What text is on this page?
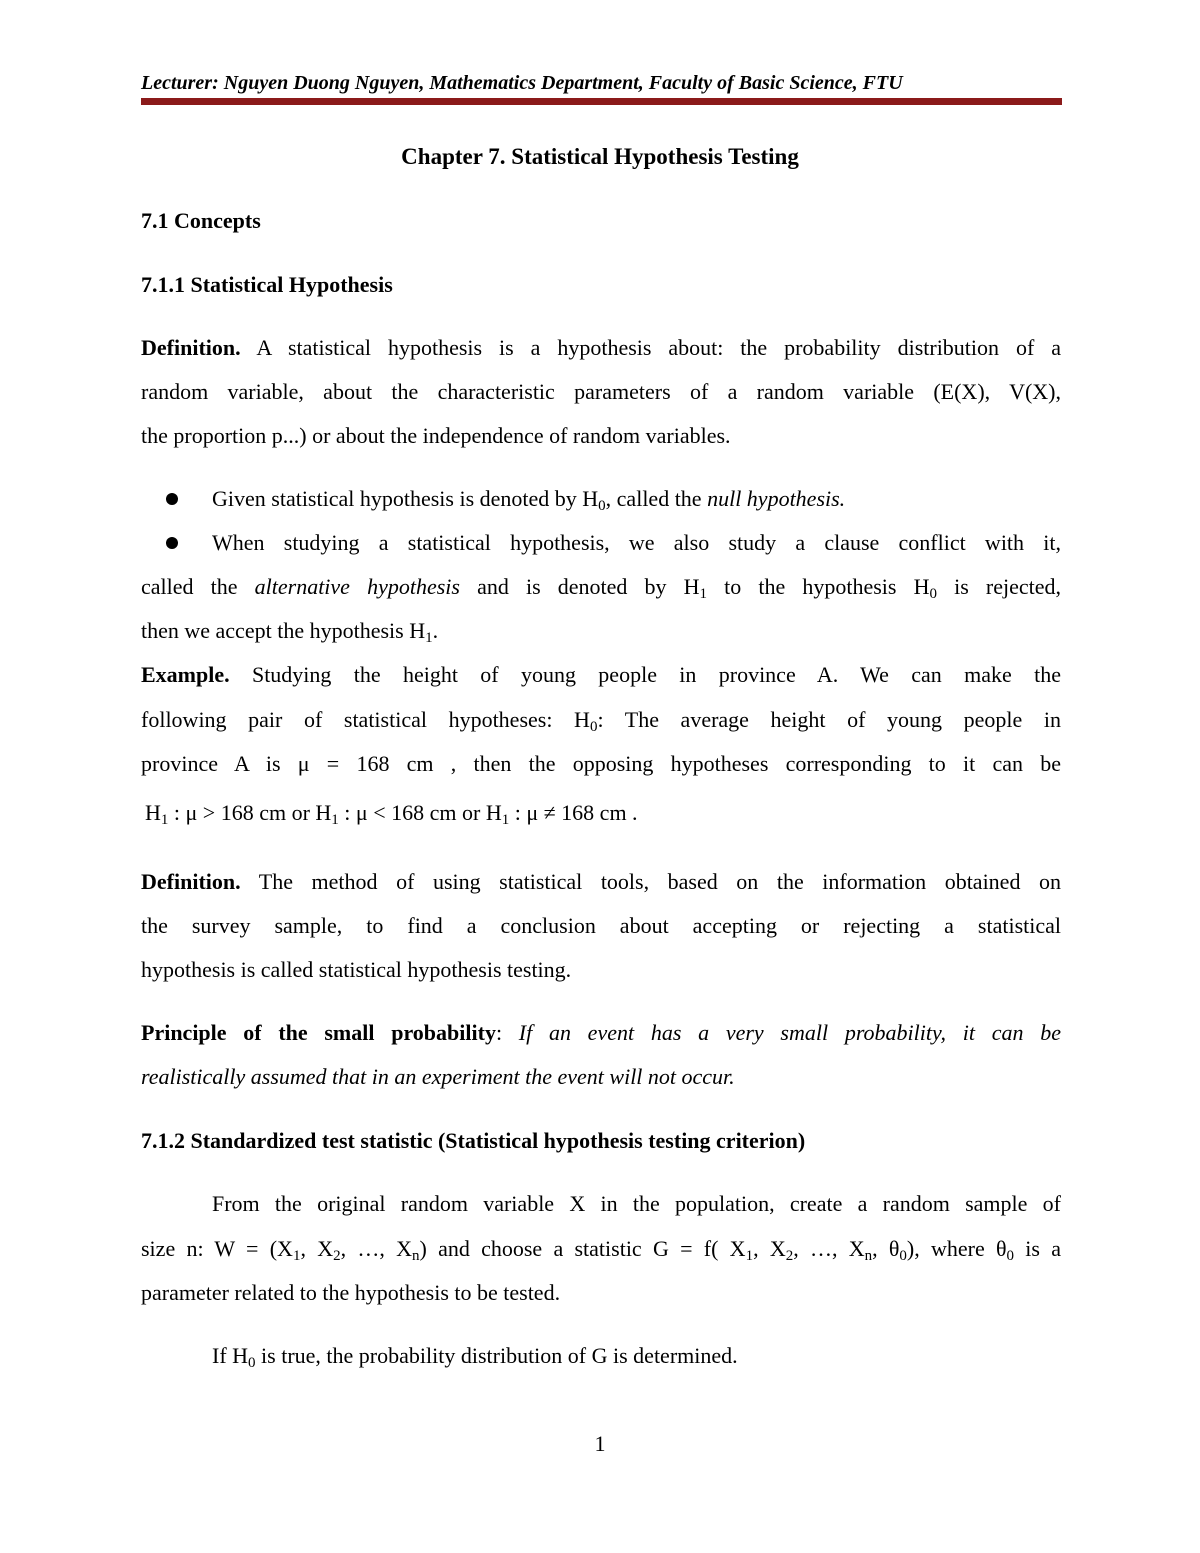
Lecturer: Nguyen Duong Nguyen, Mathematics Department, Faculty of Basic Science, FTU
Chapter 7. Statistical Hypothesis Testing
7.1 Concepts
7.1.1 Statistical Hypothesis
Definition. A statistical hypothesis is a hypothesis about: the probability distribution of a
random variable, about the characteristic parameters of a random variable (E(X), V(X),
the proportion p...) or about the independence of random variables.
Given statistical hypothesis is denoted by $H_0$, called the null hypothesis.
When studying a statistical hypothesis, we also study a clause conflict with it,
called the alternative hypothesis and is denoted by $H_1$ to the hypothesis $H_0$ is rejected,
then we accept the hypothesis $H_1$.
Example. Studying the height of young people in province A. We can make the
following pair of statistical hypotheses: $H_0$: The average height of young people in
province A is μ = 168 cm , then the opposing hypotheses corresponding to it can be
$H_1$ : μ > 168 cm or $H_1$ : μ < 168 cm or $H_1$ : μ ≠ 168 cm .
Definition. The method of using statistical tools, based on the information obtained on
the survey sample, to find a conclusion about accepting or rejecting a statistical
hypothesis is called statistical hypothesis testing.
Principle of the small probability: If an event has a very small probability, it can be
realistically assumed that in an experiment the event will not occur.
7.1.2 Standardized test statistic (Statistical hypothesis testing criterion)
From the original random variable X in the population, create a random sample of
size n: $W = (X_1$, $X_2$, …, $X_n$) and choose a statistic G = f( $X_1$, $X_2$, …, $X_n$, $\theta_0$), where $\theta_0$ is a
parameter related to the hypothesis to be tested.
If $H_0$ is true, the probability distribution of G is determined.
1
